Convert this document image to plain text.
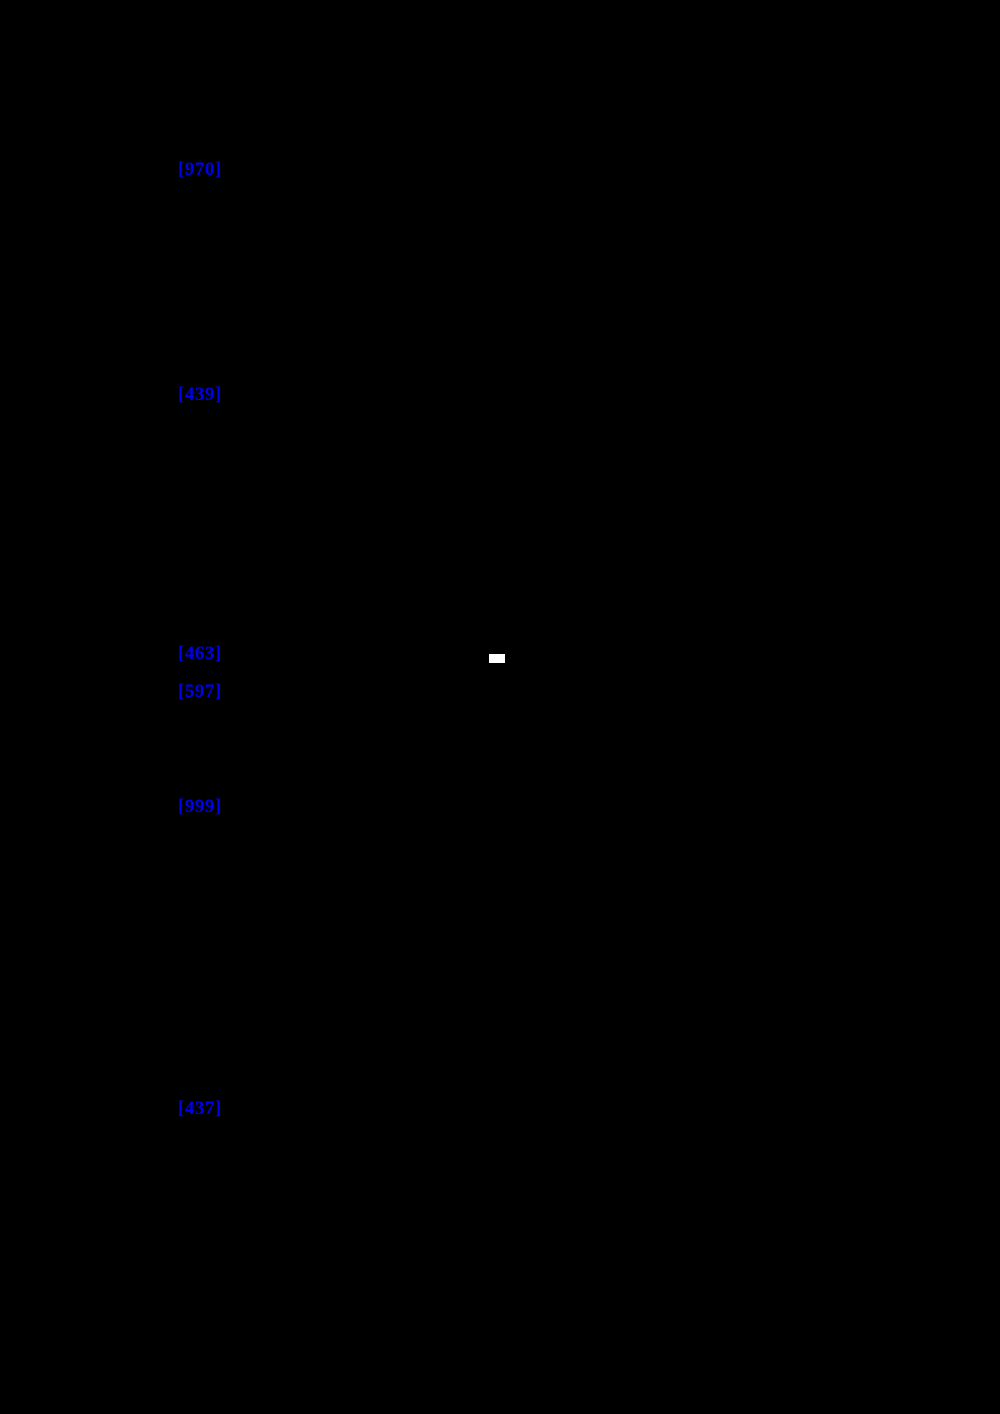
[970]
[439]
[463]
[597]
[999]
[437]
